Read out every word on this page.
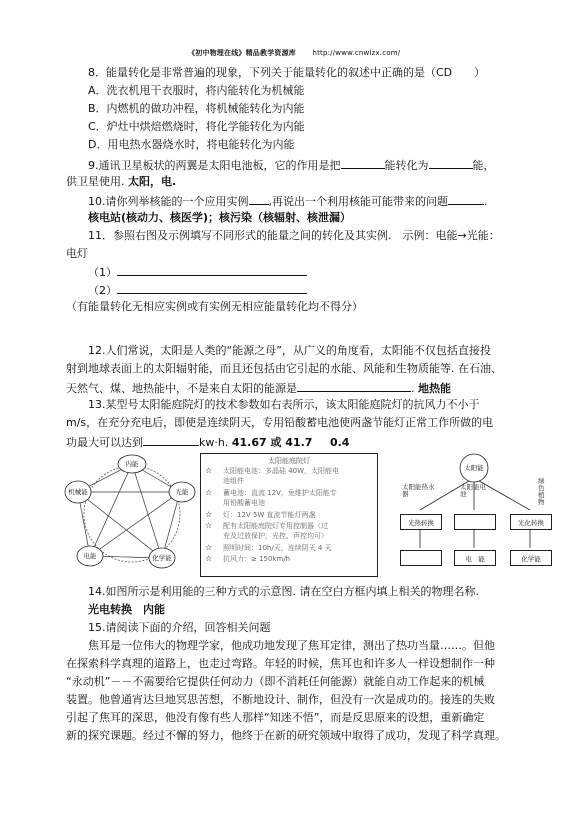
《初中物理在线》精品教学资源库 http://www.cnwlzx.com/
8．能量转化是非常普遍的现象，下列关于能量转化的叙述中正确的是（CD　　）
A．洗衣机甩干衣服时，将内能转化为机械能
B．内燃机的做功冲程，将机械能转化为内能
C．炉灶中烘焙燃烧时，将化学能转化为内能
D．用电热水器烧水时，将电能转化为内能
9.通讯卫星板状的两翼是太阳电池板，它的作用是把	能转化为	能，
供卫星使用. 太阳，电.
10.请你列举核能的一个应用实例 ,再说出一个利用核能可能带来的问题	.
核电站(核动力、核医学)；核污染（核辐射、核泄漏）
11．参照右图及示例填写不同形式的能量之间的转化及其实例.　示例：电能→光能：
电灯
（1）
（2）
（有能量转化无相应实例或有实例无相应能量转化均不得分）
12.人们常说，太阳是人类的“能源之母”，从广义的角度看，太阳能不仅包括直接投
射到地球表面上的太阳辐射能，而且还包括由它引起的水能、风能和生物质能等. 在石油、
天然气、煤、地热能中，不是来自太阳的能源是	. 地热能
13.某型号太阳能庭院灯的技术参数如右表所示，该太阳能庭院灯的抗风力不小于
m/s，在充分充电后，即使是连续阴天，专用铅酸蓄电池使两盏节能灯正常工作所做的电
功最大可以达到	kw·h. 41.67 或 41.7 0.4
内能
光能
化学能
电能
机械能
太阳能庭院灯
太阳能电池：多晶硅 40W，太阳能电
池组件
蓄电池：直流 12V，免维护太阳能专
用铅酸蓄电池
灯：12V 5W 直流节能灯两盏
配有太阳能庭院灯专用控制器（过
充及过放保护，光控、声控均可）
照明时间：10h/天，连续阴天 4 天
抗风力：≥ 150km/h
☆
☆
☆
☆
☆
☆
太阳能
太阳能热水器
太阳能电池
绿色植物
光热转换	光化转换
电　能	化学能
14.如图所示是利用能的三种方式的示意图. 请在空白方框内填上相关的物理名称.
光电转换　内能
15.请阅读下面的介绍，回答相关问题
　　焦耳是一位伟大的物理学家，他成功地发现了焦耳定律，测出了热功当量……。但他
在探索科学真理的道路上，也走过弯路。年轻的时候，焦耳也和许多人一样设想制作一种
“永动机”－－不需要给它提供任何动力（即不消耗任何能源）就能自动工作起来的机械
装置。他曾通宵达旦地冥思苦想，不断地设计、制作，但没有一次是成功的。接连的失败
引起了焦耳的深思，他没有像有些人那样“知迷不悟”，而是反思原来的设想，重新确定
新的探究课题。经过不懈的努力，他终于在新的研究领域中取得了成功，发现了科学真理。
